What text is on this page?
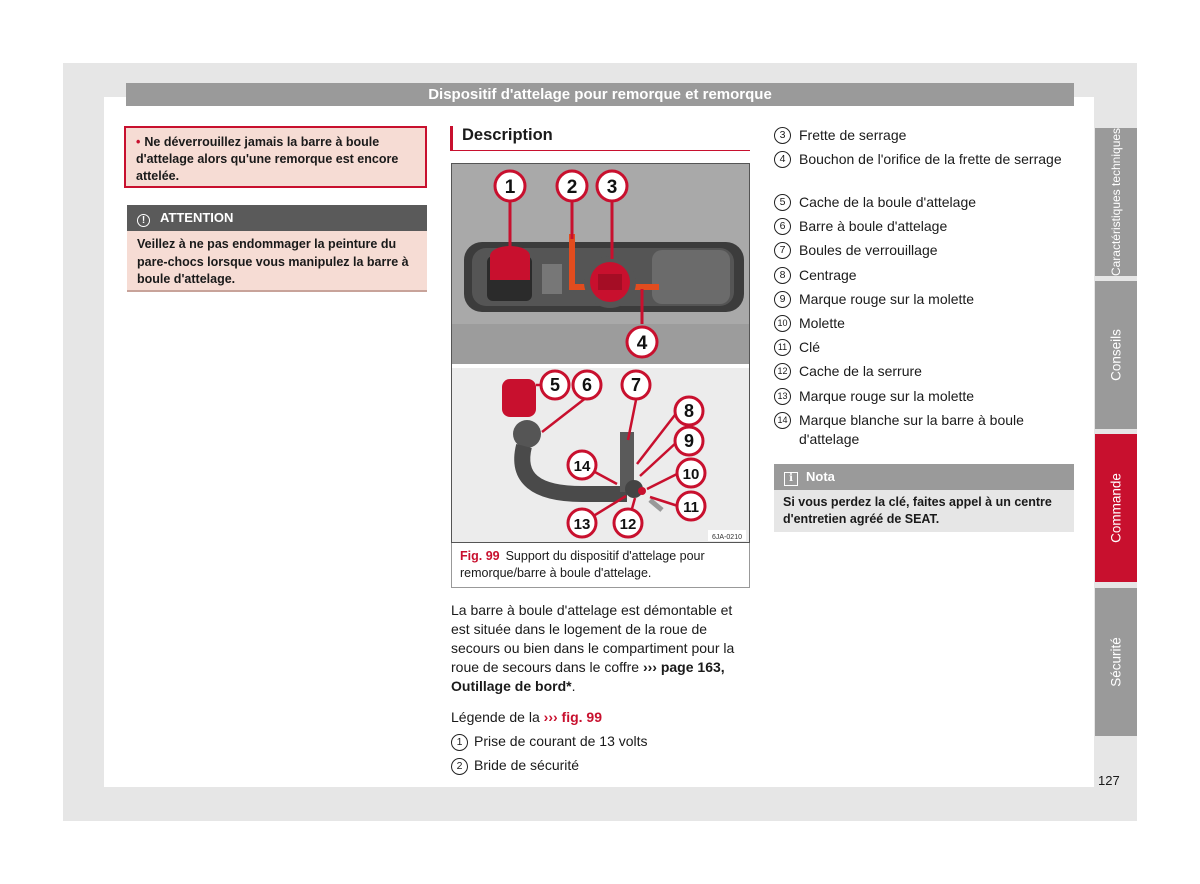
Dispositif d'attelage pour remorque et remorque
• Ne déverrouillez jamais la barre à boule d'attelage alors qu'une remorque est encore attelée.
! ATTENTION
Veillez à ne pas endommager la peinture du pare-chocs lorsque vous manipulez la barre à boule d'attelage.
Description
1	2 3
4
5 6 7
8
9
10
11
12
13
14
6JA-0210
Fig. 99 Support du dispositif d'attelage pour remorque/barre à boule d'attelage.
La barre à boule d'attelage est démontable et est située dans le logement de la roue de secours ou bien dans le compartiment pour la roue de secours dans le coffre ››› page 163, Outillage de bord*.
Légende de la ››› fig. 99
1 Prise de courant de 13 volts
2 Bride de sécurité
3 Frette de serrage
4 Bouchon de l'orifice de la frette de serrage
5 Cache de la boule d'attelage
6 Barre à boule d'attelage
7 Boules de verrouillage
8 Centrage
9 Marque rouge sur la molette
10 Molette
11 Clé
12 Cache de la serrure
13 Marque rouge sur la molette
14 Marque blanche sur la barre à boule d'attelage
i Nota
Si vous perdez la clé, faites appel à un centre d'entretien agréé de SEAT.
Caractéristiques techniques
Conseils
Commande
Sécurité
127
